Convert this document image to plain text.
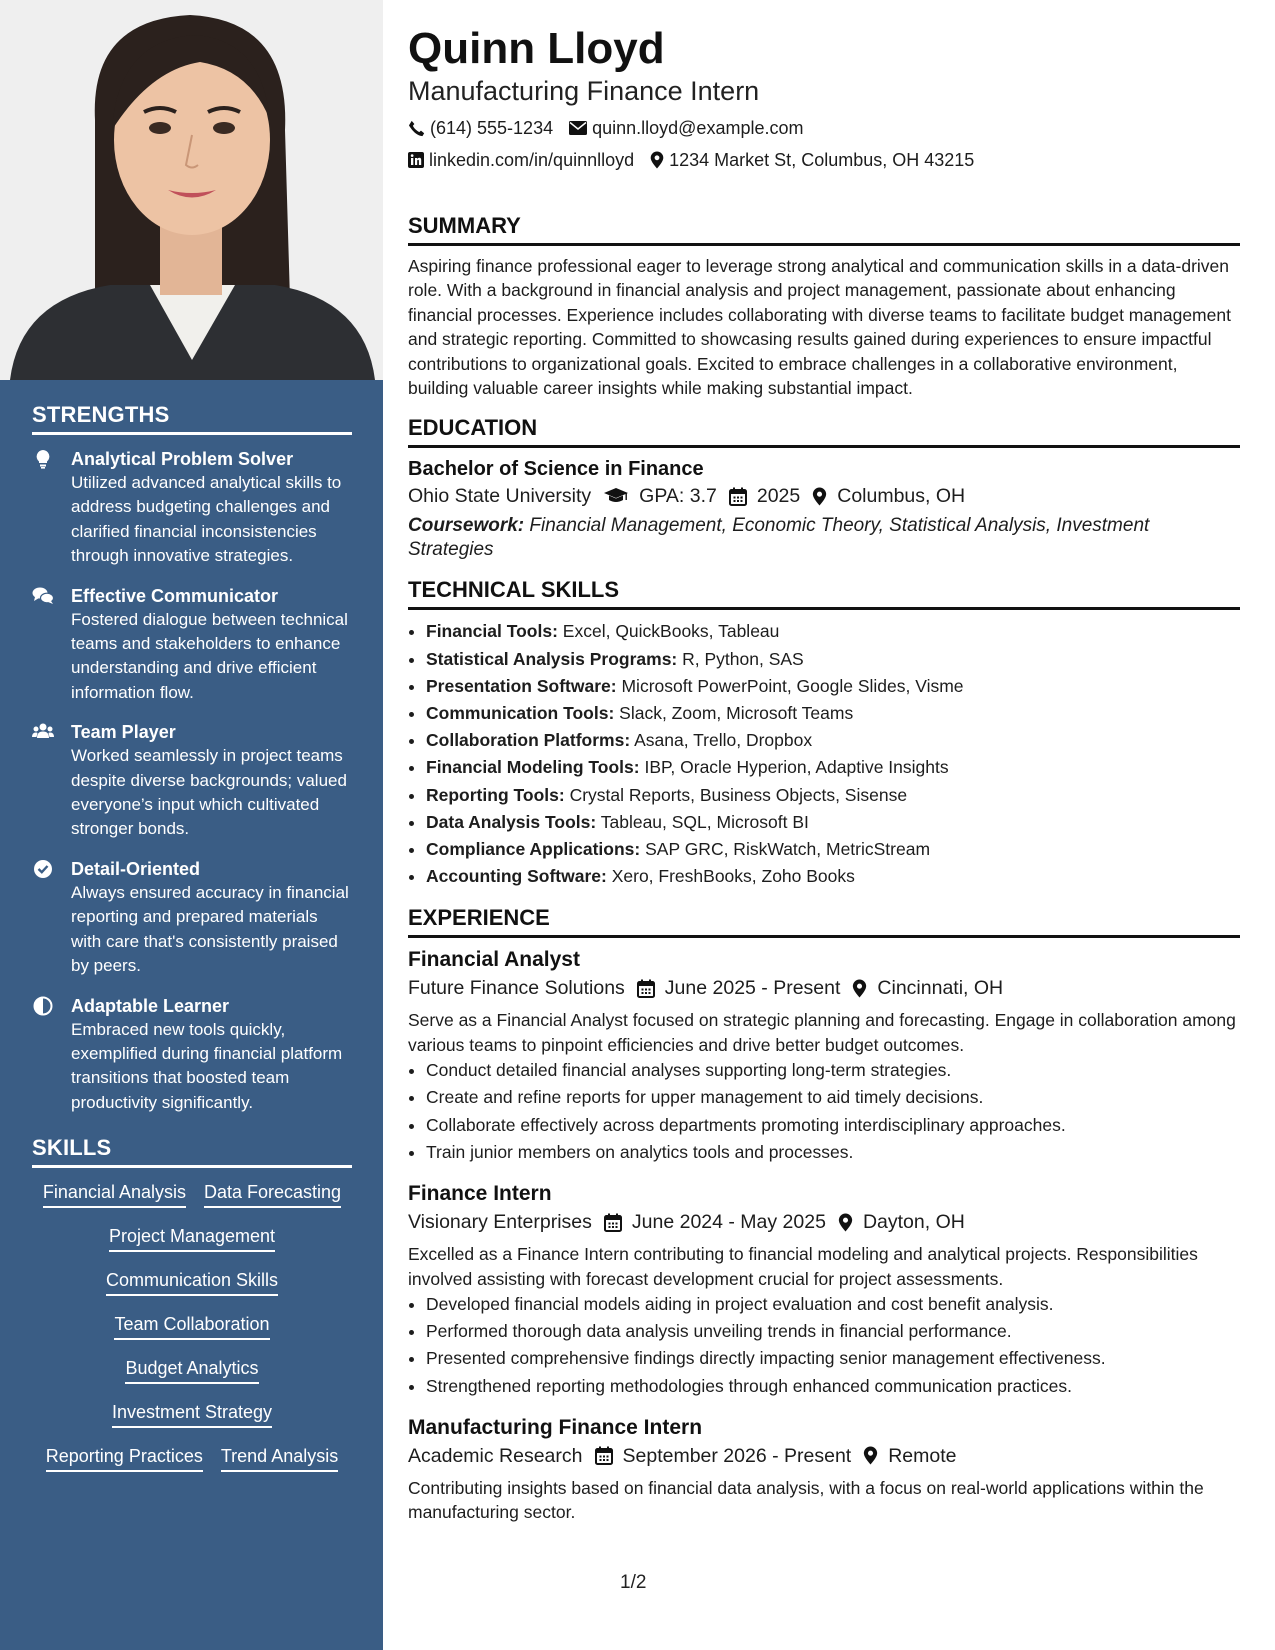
STRENGTHS
Analytical Problem Solver
Utilized advanced analytical skills to address budgeting challenges and clarified financial inconsistencies through innovative strategies.
Effective Communicator
Fostered dialogue between technical teams and stakeholders to enhance understanding and drive efficient information flow.
Team Player
Worked seamlessly in project teams despite diverse backgrounds; valued everyone’s input which cultivated stronger bonds.
Detail-Oriented
Always ensured accuracy in financial reporting and prepared materials with care that's consistently praised by peers.
Adaptable Learner
Embraced new tools quickly, exemplified during financial platform transitions that boosted team productivity significantly.
SKILLS
Financial Analysis Data Forecasting
Project Management
Communication Skills
Team Collaboration
Budget Analytics
Investment Strategy
Reporting Practices Trend Analysis
Quinn Lloyd
Manufacturing Finance Intern
(614) 555-1234 quinn.lloyd@example.com
linkedin.com/in/quinnlloyd 1234 Market St, Columbus, OH 43215
SUMMARY
Aspiring finance professional eager to leverage strong analytical and communication skills in a data-driven role. With a background in financial analysis and project management, passionate about enhancing financial processes. Experience includes collaborating with diverse teams to facilitate budget management and strategic reporting. Committed to showcasing results gained during experiences to ensure impactful contributions to organizational goals. Excited to embrace challenges in a collaborative environment, building valuable career insights while making substantial impact.
EDUCATION
Bachelor of Science in Finance
Ohio State University GPA: 3.7 2025 Columbus, OH
Coursework: Financial Management, Economic Theory, Statistical Analysis, Investment Strategies
TECHNICAL SKILLS
• Financial Tools: Excel, QuickBooks, Tableau
• Statistical Analysis Programs: R, Python, SAS
• Presentation Software: Microsoft PowerPoint, Google Slides, Visme
• Communication Tools: Slack, Zoom, Microsoft Teams
• Collaboration Platforms: Asana, Trello, Dropbox
• Financial Modeling Tools: IBP, Oracle Hyperion, Adaptive Insights
• Reporting Tools: Crystal Reports, Business Objects, Sisense
• Data Analysis Tools: Tableau, SQL, Microsoft BI
• Compliance Applications: SAP GRC, RiskWatch, MetricStream
• Accounting Software: Xero, FreshBooks, Zoho Books
EXPERIENCE
Financial Analyst
Future Finance Solutions June 2025 - Present Cincinnati, OH
Serve as a Financial Analyst focused on strategic planning and forecasting. Engage in collaboration among various teams to pinpoint efficiencies and drive better budget outcomes.
• Conduct detailed financial analyses supporting long-term strategies.
• Create and refine reports for upper management to aid timely decisions.
• Collaborate effectively across departments promoting interdisciplinary approaches.
• Train junior members on analytics tools and processes.
Finance Intern
Visionary Enterprises June 2024 - May 2025 Dayton, OH
Excelled as a Finance Intern contributing to financial modeling and analytical projects. Responsibilities involved assisting with forecast development crucial for project assessments.
• Developed financial models aiding in project evaluation and cost benefit analysis.
• Performed thorough data analysis unveiling trends in financial performance.
• Presented comprehensive findings directly impacting senior management effectiveness.
• Strengthened reporting methodologies through enhanced communication practices.
Manufacturing Finance Intern
Academic Research September 2026 - Present Remote
Contributing insights based on financial data analysis, with a focus on real-world applications within the manufacturing sector.
1/2
